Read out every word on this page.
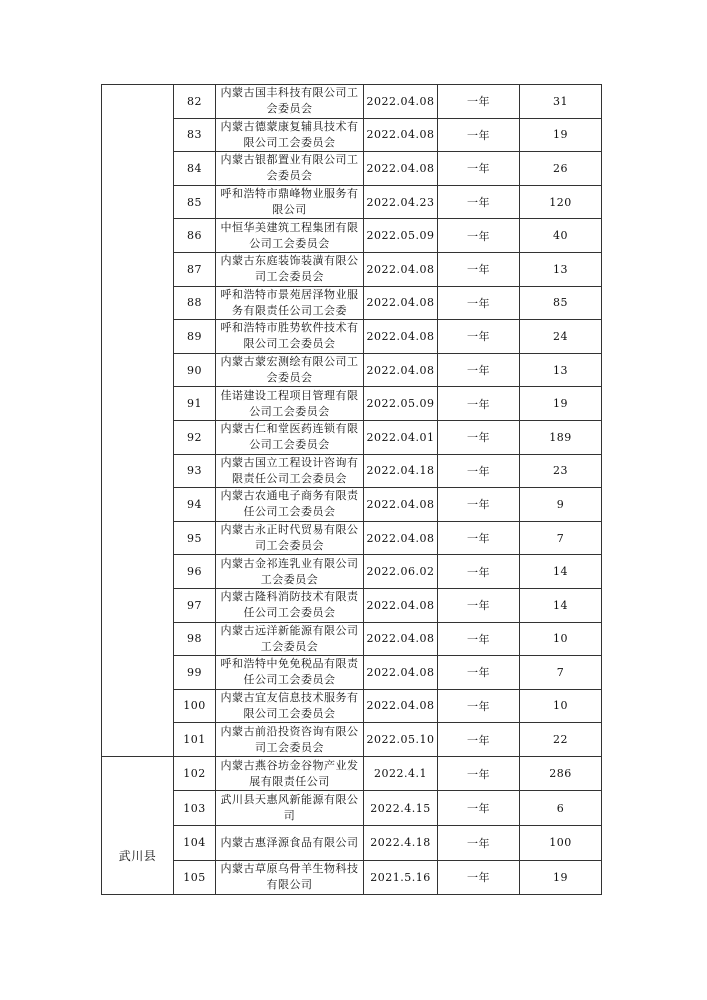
	82	内蒙古国丰科技有限公司工会委员会	2022.04.08	一年	31
	83	内蒙古德蒙康复辅具技术有限公司工会委员会	2022.04.08	一年	19
	84	内蒙古银都置业有限公司工会委员会	2022.04.08	一年	26
	85	呼和浩特市鼎峰物业服务有限公司	2022.04.23	一年	120
	86	中恒华美建筑工程集团有限公司工会委员会	2022.05.09	一年	40
	87	内蒙古东庭装饰装潢有限公司工会委员会	2022.04.08	一年	13
	88	呼和浩特市景苑居泽物业服务有限责任公司工会委	2022.04.08	一年	85
	89	呼和浩特市胜势软件技术有限公司工会委员会	2022.04.08	一年	24
	90	内蒙古蒙宏测绘有限公司工会委员会	2022.04.08	一年	13
	91	佳诺建设工程项目管理有限公司工会委员会	2022.05.09	一年	19
	92	内蒙古仁和堂医药连锁有限公司工会委员会	2022.04.01	一年	189
	93	内蒙古国立工程设计咨询有限责任公司工会委员会	2022.04.18	一年	23
	94	内蒙古农通电子商务有限责任公司工会委员会	2022.04.08	一年	9
	95	内蒙古永正时代贸易有限公司工会委员会	2022.04.08	一年	7
	96	内蒙古金祁连乳业有限公司工会委员会	2022.06.02	一年	14
	97	内蒙古隆科消防技术有限责任公司工会委员会	2022.04.08	一年	14
	98	内蒙古远洋新能源有限公司工会委员会	2022.04.08	一年	10
	99	呼和浩特中免免税品有限责任公司工会委员会	2022.04.08	一年	7
	100	内蒙古宜友信息技术服务有限公司工会委员会	2022.04.08	一年	10
	101	内蒙古前沿投资咨询有限公司工会委员会	2022.05.10	一年	22
武川县	102	内蒙古燕谷坊金谷物产业发展有限责任公司	2022.4.1	一年	286
	103	武川县天惠风新能源有限公司	2022.4.15	一年	6
	104	内蒙古惠泽源食品有限公司	2022.4.18	一年	100
	105	内蒙古草原乌骨羊生物科技有限公司	2021.5.16	一年	19
